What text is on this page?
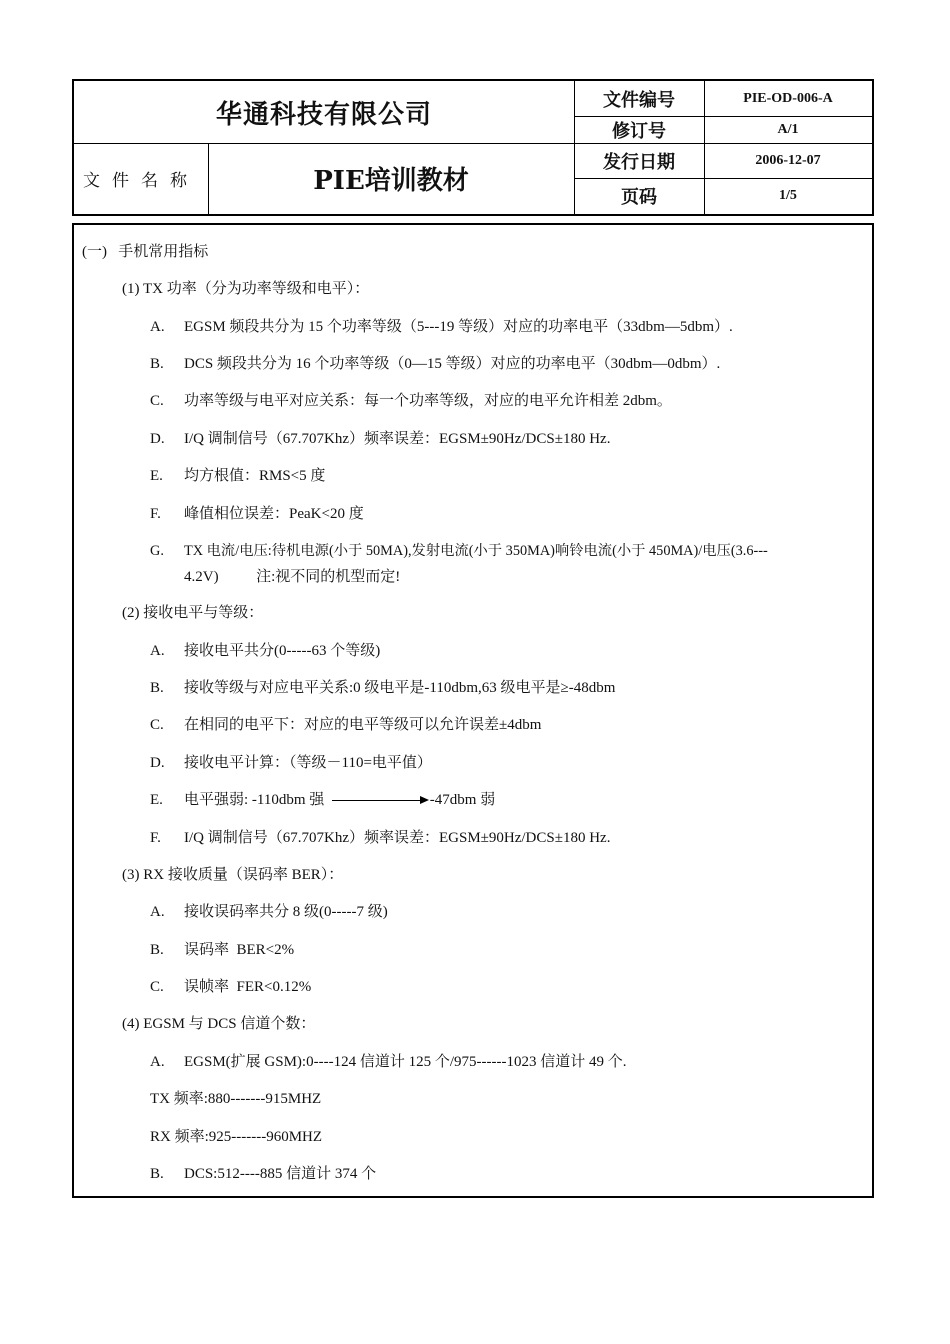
华通科技有限公司
文件名称	PIE培训教材
文件编号	PIE-OD-006-A
修订号	A/1
发行日期	2006-12-07
页码	1/5
(一) 手机常用指标
(1) TX 功率（分为功率等级和电平）：
A. EGSM 频段共分为 15 个功率等级（5---19 等级）对应的功率电平（33dbm—5dbm）.
B. DCS 频段共分为 16 个功率等级（0—15 等级）对应的功率电平（30dbm—0dbm）.
C. 功率等级与电平对应关系：每一个功率等级，对应的电平允许相差 2dbm。
D. I/Q 调制信号（67.707Khz）频率误差：EGSM±90Hz/DCS±180 Hz.
E. 均方根值：RMS<5 度
F. 峰值相位误差：PeaK<20 度
G. TX 电流/电压:待机电源(小于 50MA),发射电流(小于 350MA)响铃电流(小于 450MA)/电压(3.6---
4.2V)          注:视不同的机型而定!
(2) 接收电平与等级：
A. 接收电平共分(0-----63 个等级)
B. 接收等级与对应电平关系:0 级电平是-110dbm,63 级电平是≥-48dbm
C. 在相同的电平下：对应的电平等级可以允许误差±4dbm
D. 接收电平计算：（等级－110=电平值）
E. 电平强弱: -110dbm 强	-47dbm 弱
F. I/Q 调制信号（67.707Khz）频率误差：EGSM±90Hz/DCS±180 Hz.
(3) RX 接收质量（误码率 BER）：
A. 接收误码率共分 8 级(0-----7 级)
B. 误码率  BER<2%
C. 误帧率  FER<0.12%
(4) EGSM 与 DCS 信道个数：
A. EGSM(扩展 GSM):0----124 信道计 125 个/975------1023 信道计 49 个.
TX 频率:880-------915MHZ
RX 频率:925-------960MHZ
B. DCS:512----885 信道计 374 个
